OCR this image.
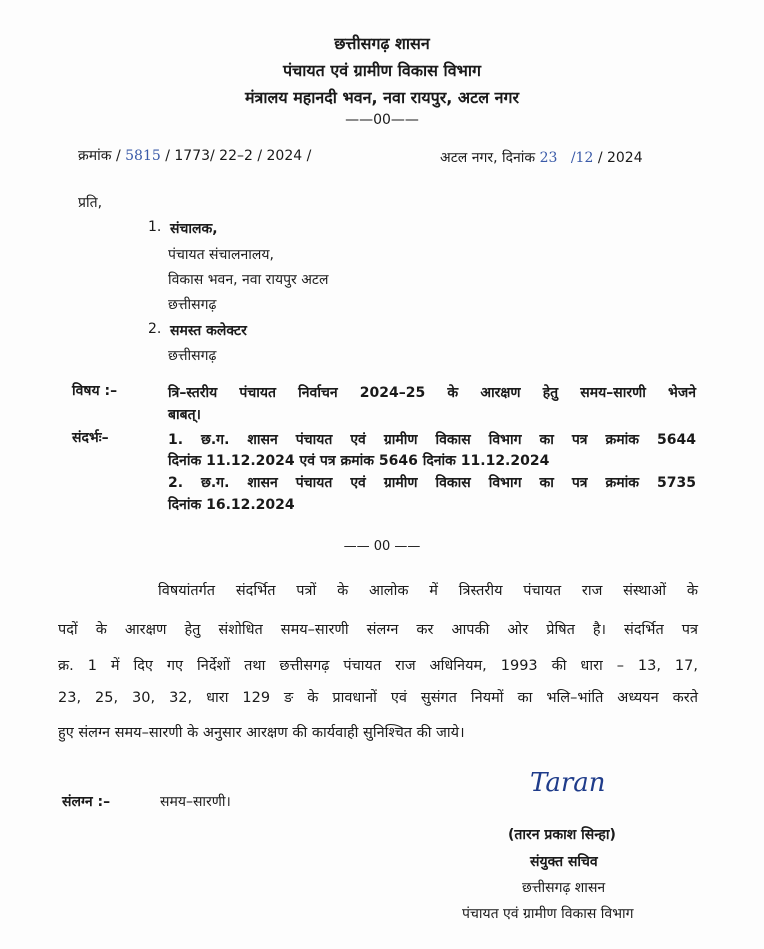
छत्तीसगढ़ शासन
पंचायत एवं ग्रामीण विकास विभाग
मंत्रालय महानदी भवन, नवा रायपुर, अटल नगर
——00——
क्रमांक / 5815 / 1773/ 22–2 / 2024 /	अटल नगर, दिनांक 23 /12 / 2024
प्रति,
1. संचालक,
पंचायत संचालनालय,
विकास भवन, नवा रायपुर अटल
छत्तीसगढ़
2. समस्त कलेक्टर
छत्तीसगढ़
विषय :–	त्रि–स्तरीय पंचायत निर्वाचन 2024–25 के आरक्षण हेतु समय–सारणी भेजने
बाबत्।
संदर्भः–	1. छ.ग. शासन पंचायत एवं ग्रामीण विकास विभाग का पत्र क्रमांक 5644
दिनांक 11.12.2024 एवं पत्र क्रमांक 5646 दिनांक 11.12.2024
2. छ.ग. शासन पंचायत एवं ग्रामीण विकास विभाग का पत्र क्रमांक 5735
दिनांक 16.12.2024
—— 00 ——
विषयांतर्गत संदर्भित पत्रों के आलोक में त्रिस्तरीय पंचायत राज संस्थाओं के
पदों के आरक्षण हेतु संशोधित समय–सारणी संलग्न कर आपकी ओर प्रेषित है। संदर्भित पत्र
क्र. 1 में दिए गए निर्देशों तथा छत्तीसगढ़ पंचायत राज अधिनियम, 1993 की धारा – 13, 17,
23, 25, 30, 32, धारा 129 ङ के प्रावधानों एवं सुसंगत नियमों का भलि–भांति अध्ययन करते
हुए संलग्न समय–सारणी के अनुसार आरक्षण की कार्यवाही सुनिश्चित की जाये।
संलग्न :–	समय–सारणी।
Taran
(तारन प्रकाश सिन्हा)
संयुक्त सचिव
छत्तीसगढ़ शासन
पंचायत एवं ग्रामीण विकास विभाग
